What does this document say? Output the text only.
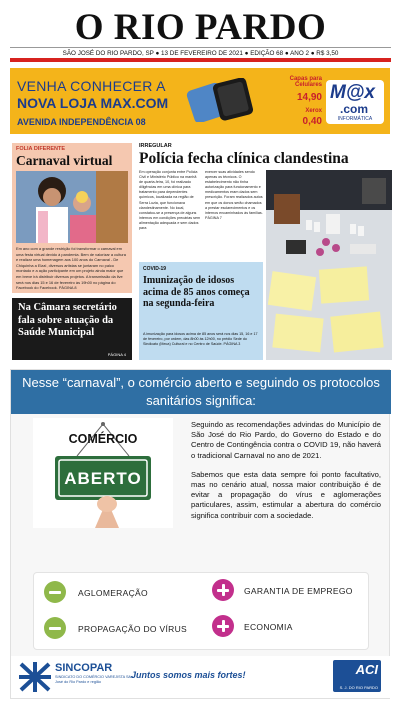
O RIO PARDO
SÃO JOSÉ DO RIO PARDO, SP ● 13 DE FEVEREIRO DE 2021 ● EDIÇÃO 68 ● ANO 2 ● R$ 3,50
VENHA CONHECER A
NOVA LOJA MAX.COM
AVENIDA INDEPENDÊNCIA 08
Capas para Celulares
14,90
Xerox
0,40
M@x
.com
INFORMÁTICA
FOLIA DIFERENTE
Carnaval virtual
Em ano com a grande restrição foi transformar o carnaval em uma festa virtual devido à pandemia. Bem de valorizar a cultura e realizar uma homenagem aos 100 anos do Carnaval - De Chiquinha a Elza!, diversos artistas se juntaram no palco montado e a ação participante em um projeto ainda maior que em breve irá distribuir diversos projetos. A transmissão da live será nos dias 15 e 16 de fevereiro às 19h00 no página do Facebook do Facebook. PÁGINA 8
Na Câmara secretário fala sobre atuação da Saúde Municipal
PÁGINA 4
IRREGULAR
Polícia fecha clínica clandestina
Em operação conjunta entre Polícia Civil e Ministério Público na manhã de quarta-feira, 10, foi realizado diligências em uma clínica para tratamento para dependentes químicos, localizada na região de Serra Luzia, que funcionava clandestinamente. No local, constatou-se a presença de alguns internos em condições precárias sem alimentação adequada e sem dados para
exercer suas atividades sendo apenas os técnicos. O estabelecimento não tinha autorização para funcionamento e medicamentos eram dados sem prescrição. Foram realizados autos em que os donos serão chamados a prestar esclarecimentos e os internos encaminhados às famílias. PÁGINA 7
COVID-19
Imunização de idosos acima de 85 anos começa na segunda-feira
A imunização para idosos acima de 85 anos será nos dias 15, 16 e 17 de fevereiro, por ordem, das 8h00 às 12h00, no prédio Sede do Sindicato (Meca) Cultural e no Centro de Saúde. PÁGINA 3
Nesse “carnaval”, o comércio aberto e seguindo os protocolos sanitários significa:
COMÉRCIO
ABERTO

Seguindo as recomendações advindas do Município de São José do Rio Pardo, do Governo do Estado e do Centro de Contingência contra o COVID 19, não haverá o tradicional Carnaval no ano de 2021.

Sabemos que esta data sempre foi ponto facultativo, mas no cenário atual, nossa maior contribuição é de evitar a propagação do vírus e aglomerações particulares, assim, estimular a abertura do comércio significa contribuir com a sociedade.

AGLOMERAÇÃO
PROPAGAÇÃO DO VÍRUS
GARANTIA DE EMPREGO
ECONOMIA
SINCOPAR
SINDICATO DO COMÉRCIO VAREJISTA São José do Rio Pardo e região
Juntos somos mais fortes!	ACI
S. J. DO RIO PARDO
